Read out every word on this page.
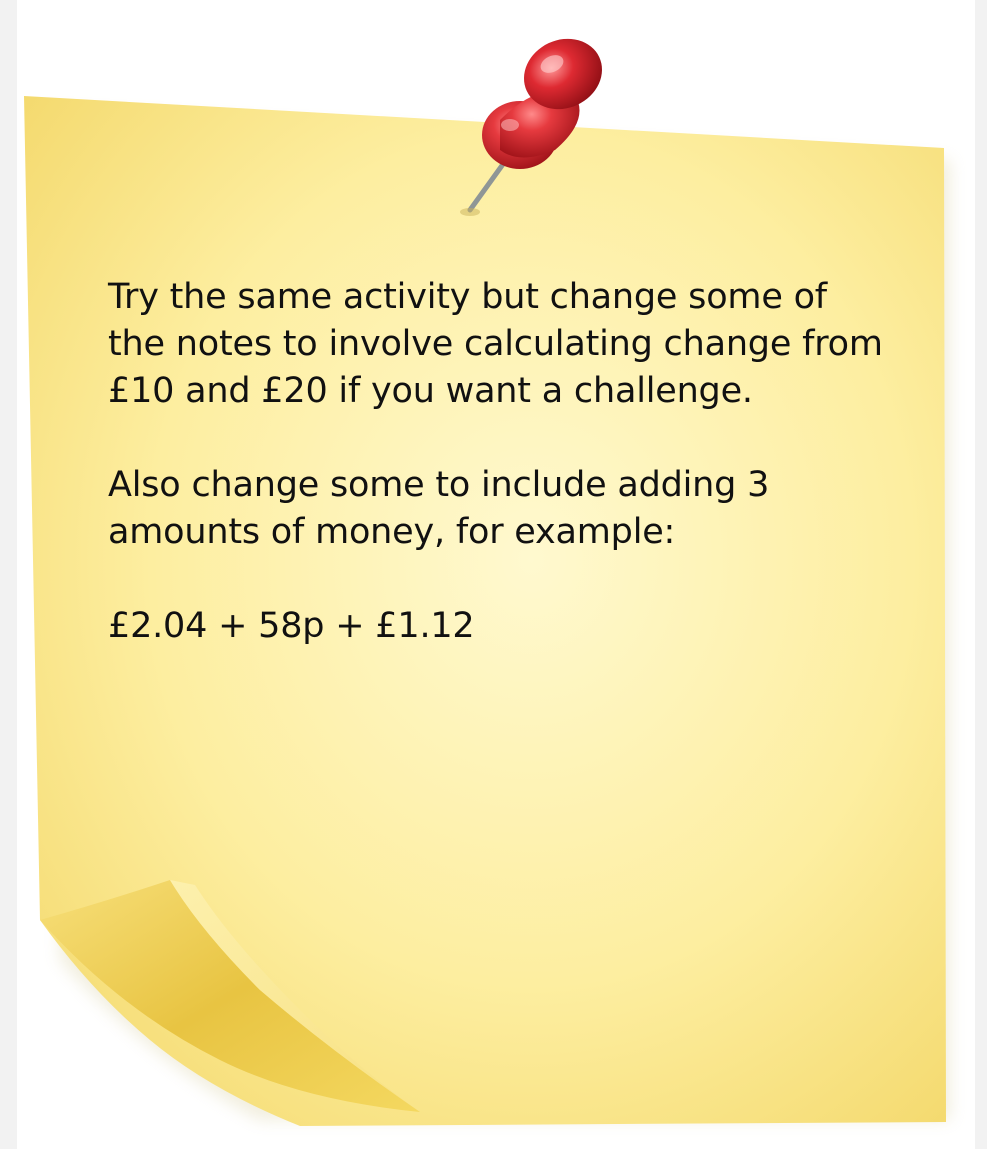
Try the same activity but change some of the notes to involve calculating change from £10 and £20 if you want a challenge.

Also change some to include adding 3 amounts of money, for example:

£2.04 + 58p + £1.12
